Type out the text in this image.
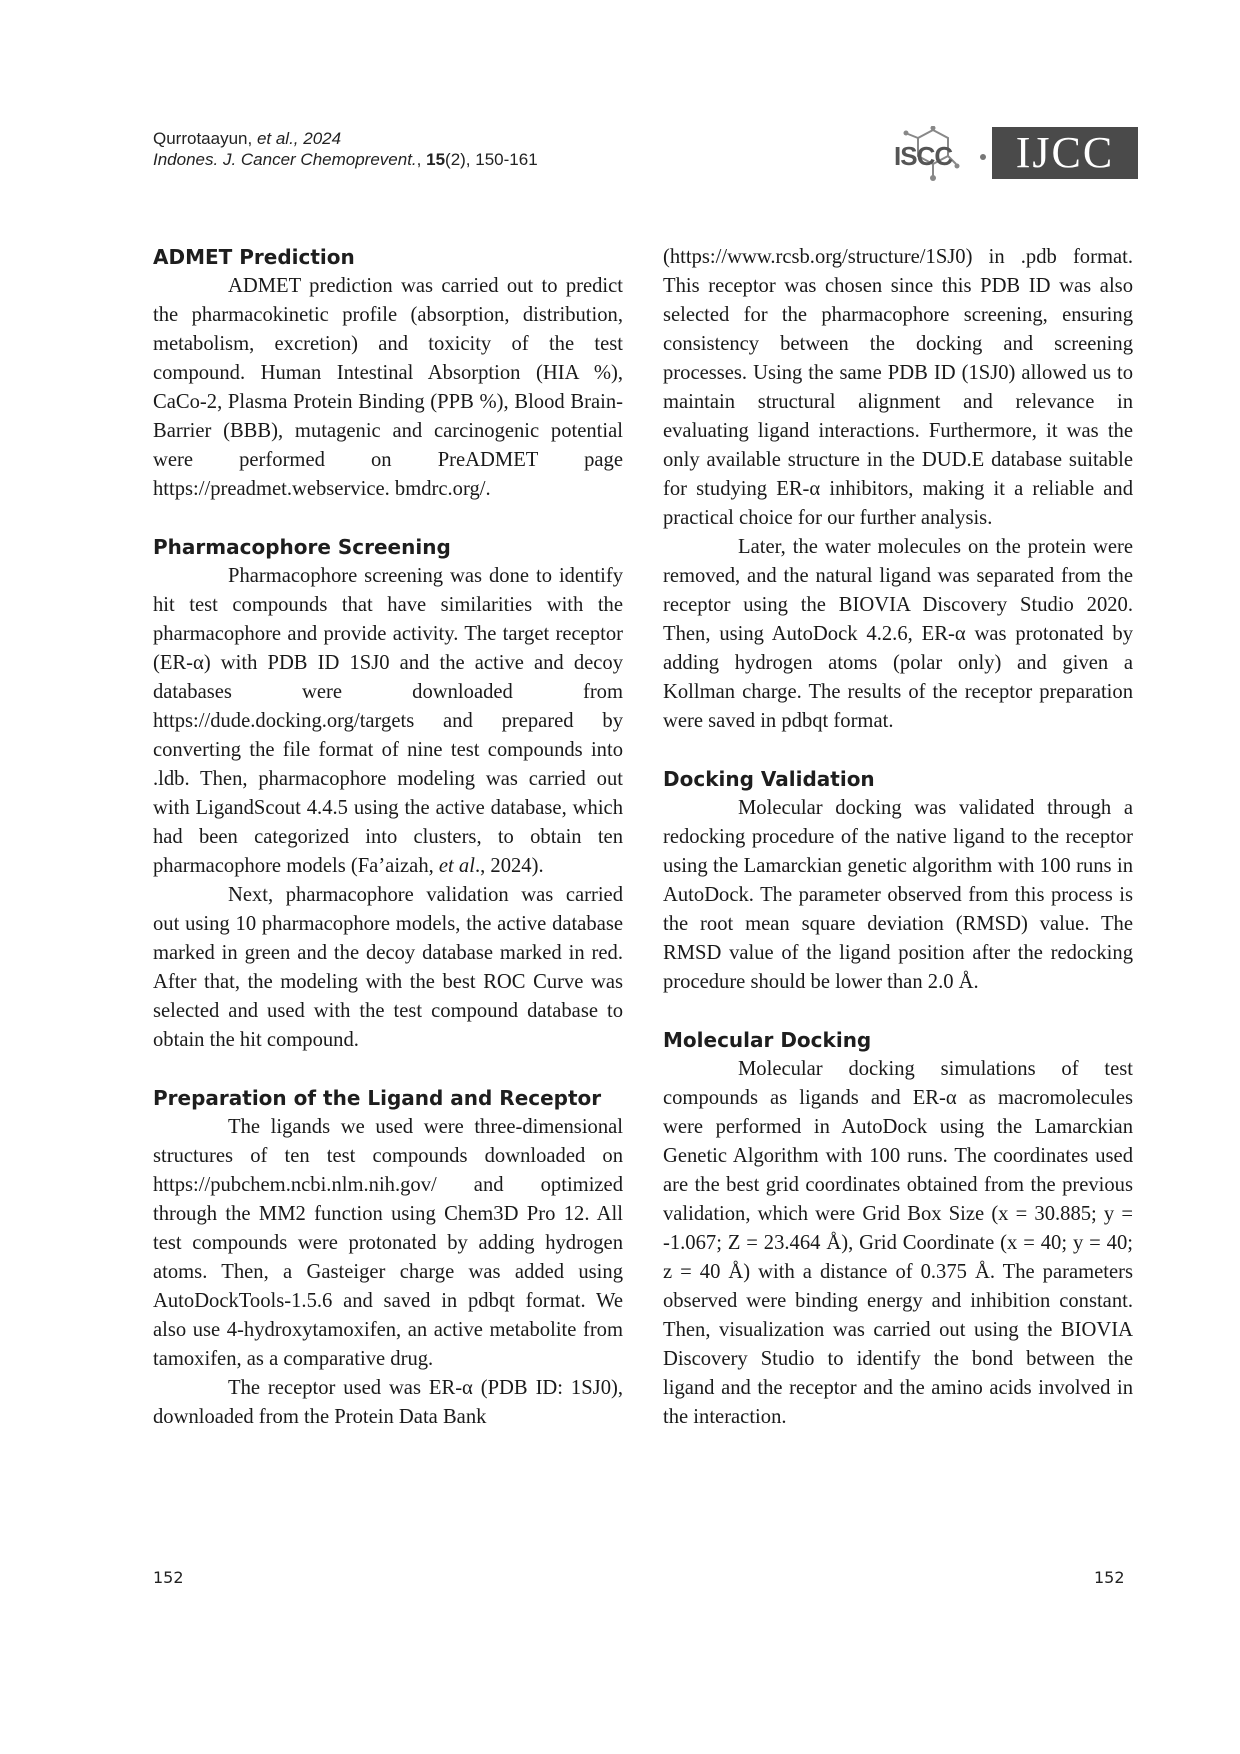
Qurrotaayun, et al., 2024
Indones. J. Cancer Chemoprevent., 15(2), 150-161	ISCC	IJCC
ADMET Prediction
ADMET prediction was carried out to predict the pharmacokinetic profile (absorption, distribution, metabolism, excretion) and toxicity of the test compound. Human Intestinal Absorption (HIA %), CaCo-2, Plasma Protein Binding (PPB %), Blood Brain-Barrier (BBB), mutagenic and carcinogenic potential were performed on PreADMET page https://preadmet.webservice. bmdrc.org/.
Pharmacophore Screening
Pharmacophore screening was done to identify hit test compounds that have similarities with the pharmacophore and provide activity. The target receptor (ER-α) with PDB ID 1SJ0 and the active and decoy databases were downloaded from https://dude.docking.org/targets and prepared by converting the file format of nine test compounds into .ldb. Then, pharmacophore modeling was carried out with LigandScout 4.4.5 using the active database, which had been categorized into clusters, to obtain ten pharmacophore models (Fa’aizah, et al., 2024).
Next, pharmacophore validation was carried out using 10 pharmacophore models, the active database marked in green and the decoy database marked in red. After that, the modeling with the best ROC Curve was selected and used with the test compound database to obtain the hit compound.
Preparation of the Ligand and Receptor
The ligands we used were three-dimensional structures of ten test compounds downloaded on https://pubchem.ncbi.nlm.nih.gov/ and optimized through the MM2 function using Chem3D Pro 12. All test compounds were protonated by adding hydrogen atoms. Then, a Gasteiger charge was added using AutoDockTools-1.5.6 and saved in pdbqt format. We also use 4-hydroxytamoxifen, an active metabolite from tamoxifen, as a comparative drug.
The receptor used was ER-α (PDB ID: 1SJ0), downloaded from the Protein Data Bank
(https://www.rcsb.org/structure/1SJ0) in .pdb format. This receptor was chosen since this PDB ID was also selected for the pharmacophore screening, ensuring consistency between the docking and screening processes. Using the same PDB ID (1SJ0) allowed us to maintain structural alignment and relevance in evaluating ligand interactions. Furthermore, it was the only available structure in the DUD.E database suitable for studying ER-α inhibitors, making it a reliable and practical choice for our further analysis.
Later, the water molecules on the protein were removed, and the natural ligand was separated from the receptor using the BIOVIA Discovery Studio 2020. Then, using AutoDock 4.2.6, ER-α was protonated by adding hydrogen atoms (polar only) and given a Kollman charge. The results of the receptor preparation were saved in pdbqt format.
Docking Validation
Molecular docking was validated through a redocking procedure of the native ligand to the receptor using the Lamarckian genetic algorithm with 100 runs in AutoDock. The parameter observed from this process is the root mean square deviation (RMSD) value. The RMSD value of the ligand position after the redocking procedure should be lower than 2.0 Å.
Molecular Docking
Molecular docking simulations of test compounds as ligands and ER-α as macromolecules were performed in AutoDock using the Lamarckian Genetic Algorithm with 100 runs. The coordinates used are the best grid coordinates obtained from the previous validation, which were Grid Box Size (x = 30.885; y = -1.067; Z = 23.464 Å), Grid Coordinate (x = 40; y = 40; z = 40 Å) with a distance of 0.375 Å. The parameters observed were binding energy and inhibition constant. Then, visualization was carried out using the BIOVIA Discovery Studio to identify the bond between the ligand and the receptor and the amino acids involved in the interaction.
152	152
